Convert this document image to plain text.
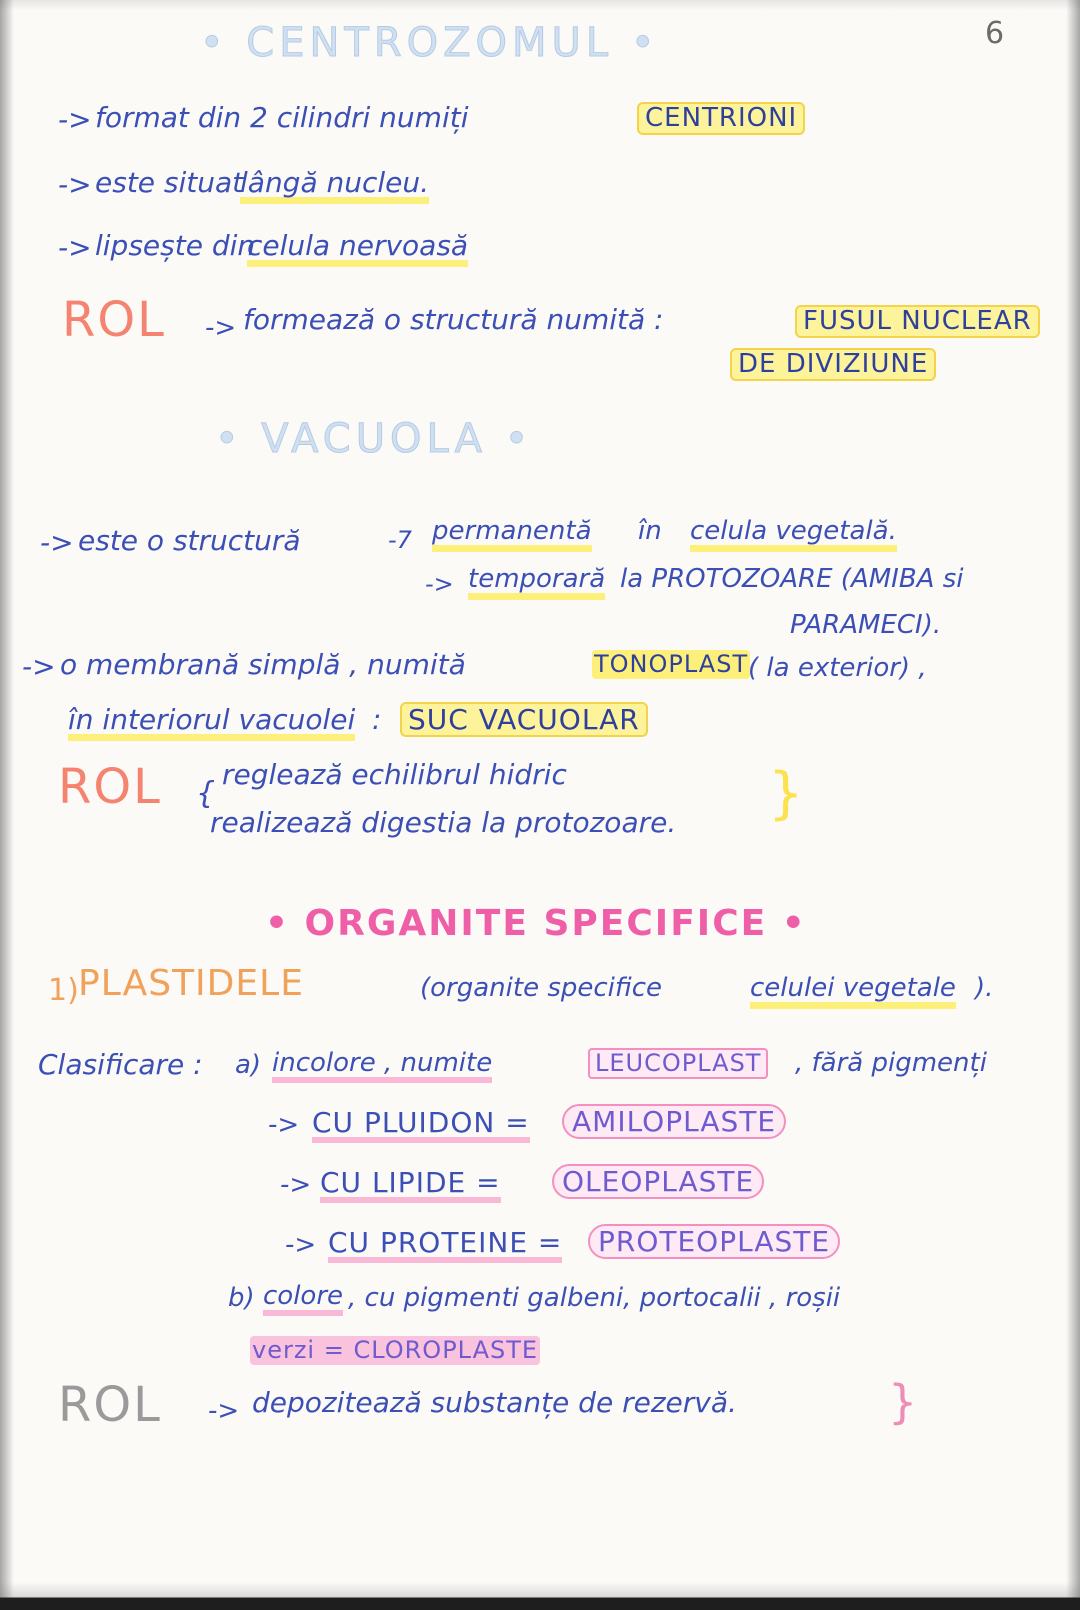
6
• CENTROZOMUL •
-> format din 2 cilindri numiți	CENTRIONI
-> este situat
lângă nucleu.
-> lipsește din
celula nervoasă
ROL -> formează o structură numită :	FUSUL NUCLEAR
DE DIVIZIUNE
• VACUOLA •
-> este o structură	-7 permanentă în celula vegetală.
-> temporară la PROTOZOARE (AMIBA si
PARAMECI).
-> o membrană simplă , numită	TONOPLAST ( la exterior) ,
în interiorul vacuolei : SUC VACUOLAR
ROL {
reglează echilibrul hidric
realizează digestia la protozoare. }
• ORGANITE SPECIFICE •
1) PLASTIDELE	(organite specifice	celulei vegetale ).
Clasificare : a) incolore , numite	LEUCOPLAST , fără pigmenți
-> CU PLUIDON =	AMILOPLASTE
-> CU LIPIDE =	OLEOPLASTE
-> CU PROTEINE =	PROTEOPLASTE
b) colore , cu pigmenti galbeni, portocalii , roșii
verzi = CLOROPLASTE
ROL -> depozitează substanțe de rezervă.	}
